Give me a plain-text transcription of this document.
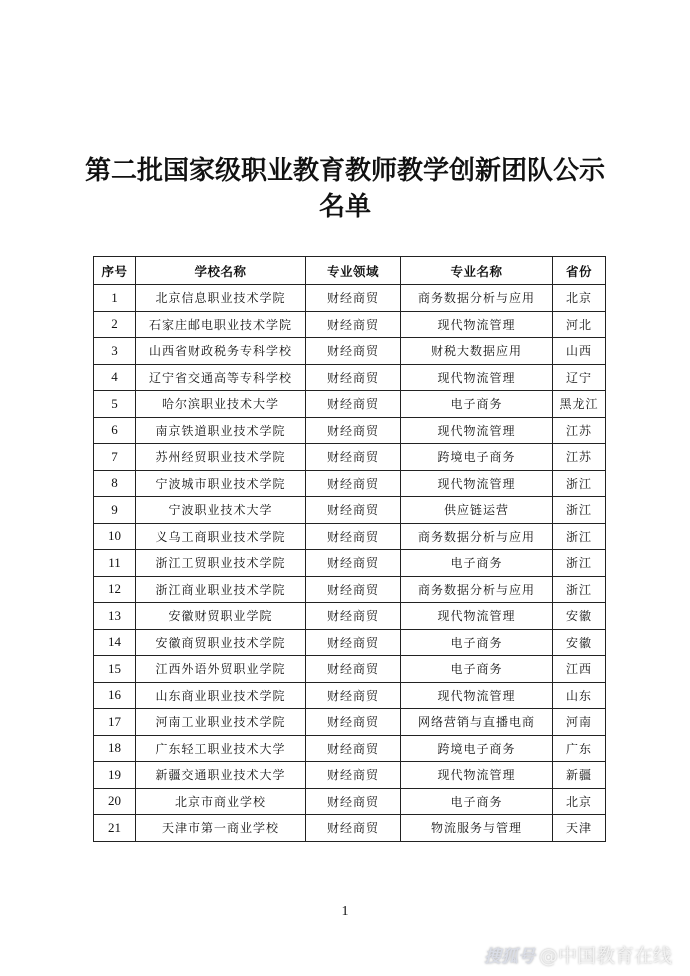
第二批国家级职业教育教师教学创新团队公示
名单
序号	学校名称	专业领域	专业名称	省份
1	北京信息职业技术学院	财经商贸	商务数据分析与应用	北京
2	石家庄邮电职业技术学院	财经商贸	现代物流管理	河北
3	山西省财政税务专科学校	财经商贸	财税大数据应用	山西
4	辽宁省交通高等专科学校	财经商贸	现代物流管理	辽宁
5	哈尔滨职业技术大学	财经商贸	电子商务	黑龙江
6	南京铁道职业技术学院	财经商贸	现代物流管理	江苏
7	苏州经贸职业技术学院	财经商贸	跨境电子商务	江苏
8	宁波城市职业技术学院	财经商贸	现代物流管理	浙江
9	宁波职业技术大学	财经商贸	供应链运营	浙江
10	义乌工商职业技术学院	财经商贸	商务数据分析与应用	浙江
11	浙江工贸职业技术学院	财经商贸	电子商务	浙江
12	浙江商业职业技术学院	财经商贸	商务数据分析与应用	浙江
13	安徽财贸职业学院	财经商贸	现代物流管理	安徽
14	安徽商贸职业技术学院	财经商贸	电子商务	安徽
15	江西外语外贸职业学院	财经商贸	电子商务	江西
16	山东商业职业技术学院	财经商贸	现代物流管理	山东
17	河南工业职业技术学院	财经商贸	网络营销与直播电商	河南
18	广东轻工职业技术大学	财经商贸	跨境电子商务	广东
19	新疆交通职业技术大学	财经商贸	现代物流管理	新疆
20	北京市商业学校	财经商贸	电子商务	北京
21	天津市第一商业学校	财经商贸	物流服务与管理	天津
1
搜狐号 @中国教育在线
